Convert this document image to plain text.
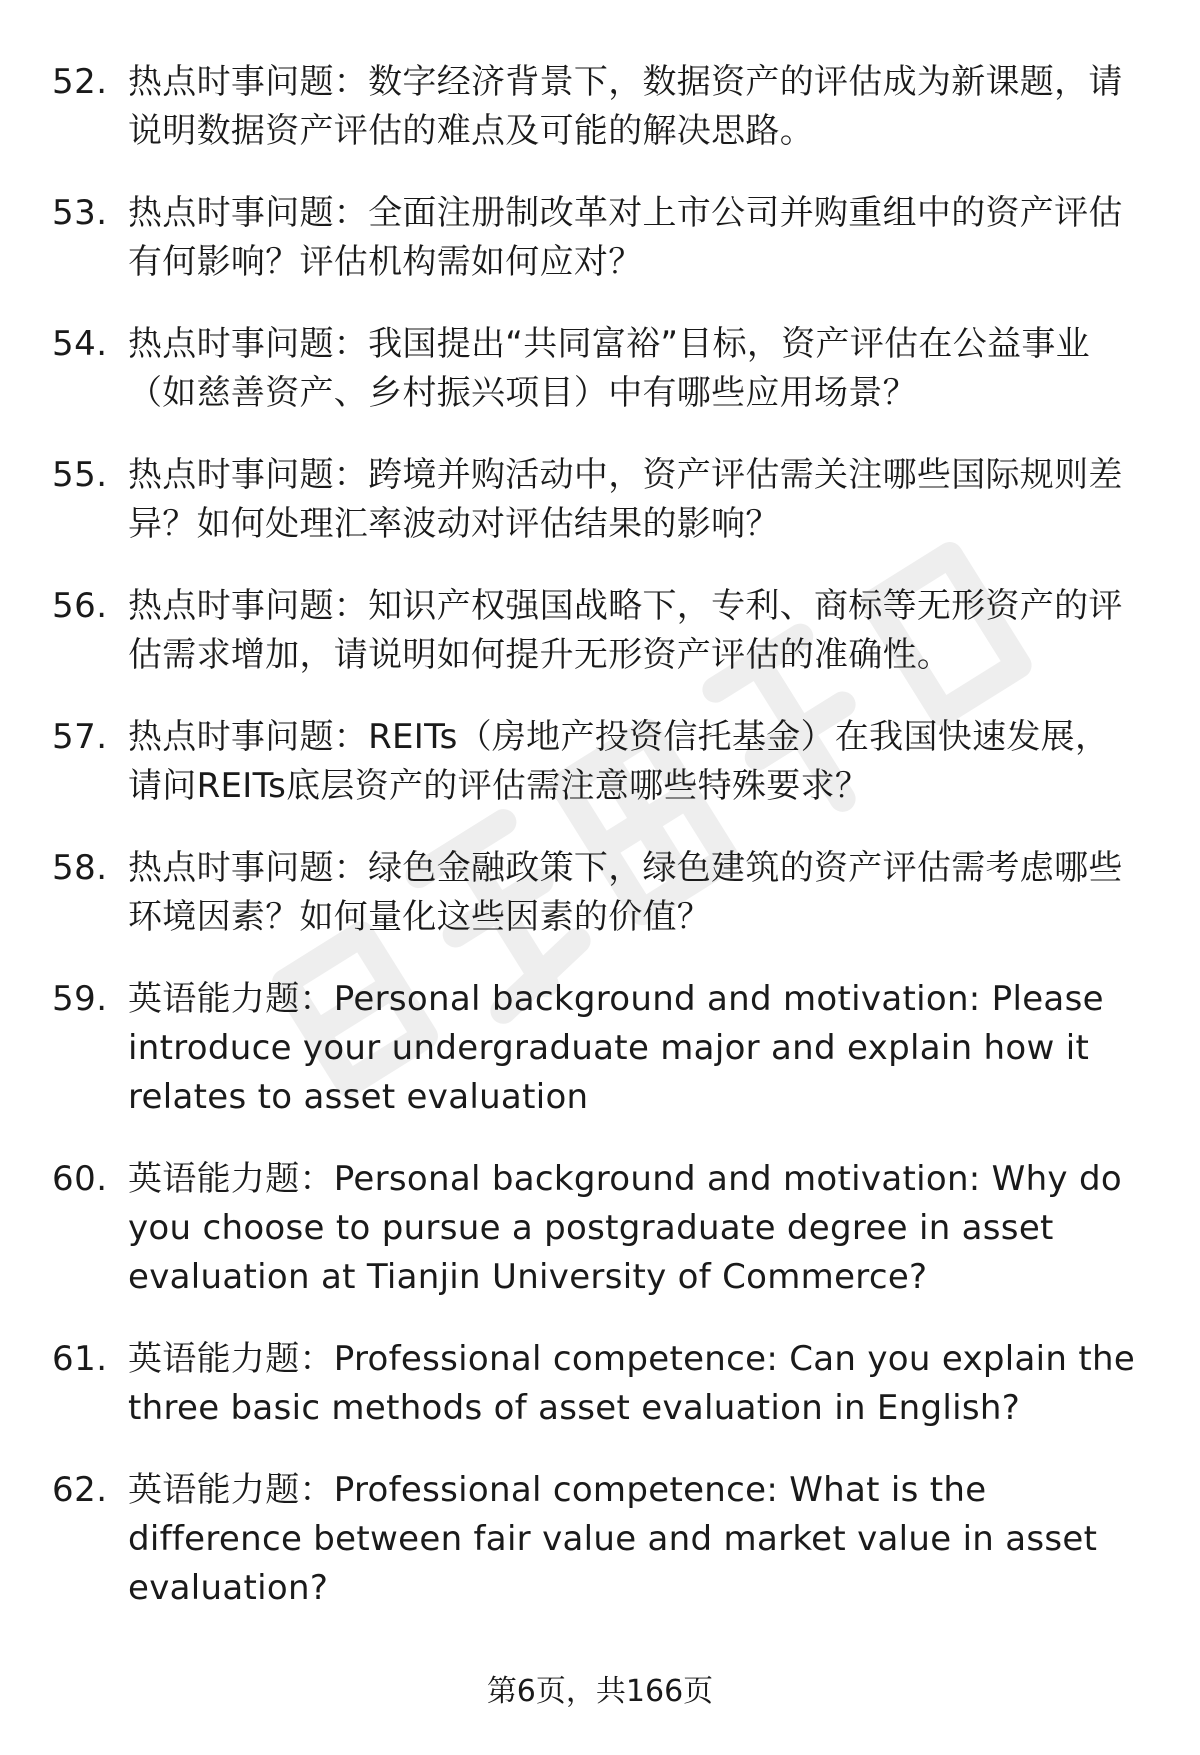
52. 热点时事问题：数字经济背景下，数据资产的评估成为新课题，请说明数据资产评估的难点及可能的解决思路。
53. 热点时事问题：全面注册制改革对上市公司并购重组中的资产评估有何影响？评估机构需如何应对？
54. 热点时事问题：我国提出“共同富裕”目标，资产评估在公益事业（如慈善资产、乡村振兴项目）中有哪些应用场景？
55. 热点时事问题：跨境并购活动中，资产评估需关注哪些国际规则差异？如何处理汇率波动对评估结果的影响？
56. 热点时事问题：知识产权强国战略下，专利、商标等无形资产的评估需求增加，请说明如何提升无形资产评估的准确性。
57. 热点时事问题：REITs（房地产投资信托基金）在我国快速发展，请问REITs底层资产的评估需注意哪些特殊要求？
58. 热点时事问题：绿色金融政策下，绿色建筑的资产评估需考虑哪些环境因素？如何量化这些因素的价值？
59. 英语能力题：Personal background and motivation: Please introduce your undergraduate major and explain how it relates to asset evaluation
60. 英语能力题：Personal background and motivation: Why do you choose to pursue a postgraduate degree in asset evaluation at Tianjin University of Commerce?
61. 英语能力题：Professional competence: Can you explain the three basic methods of asset evaluation in English?
62. 英语能力题：Professional competence: What is the difference between fair value and market value in asset evaluation?
第6页，共166页
